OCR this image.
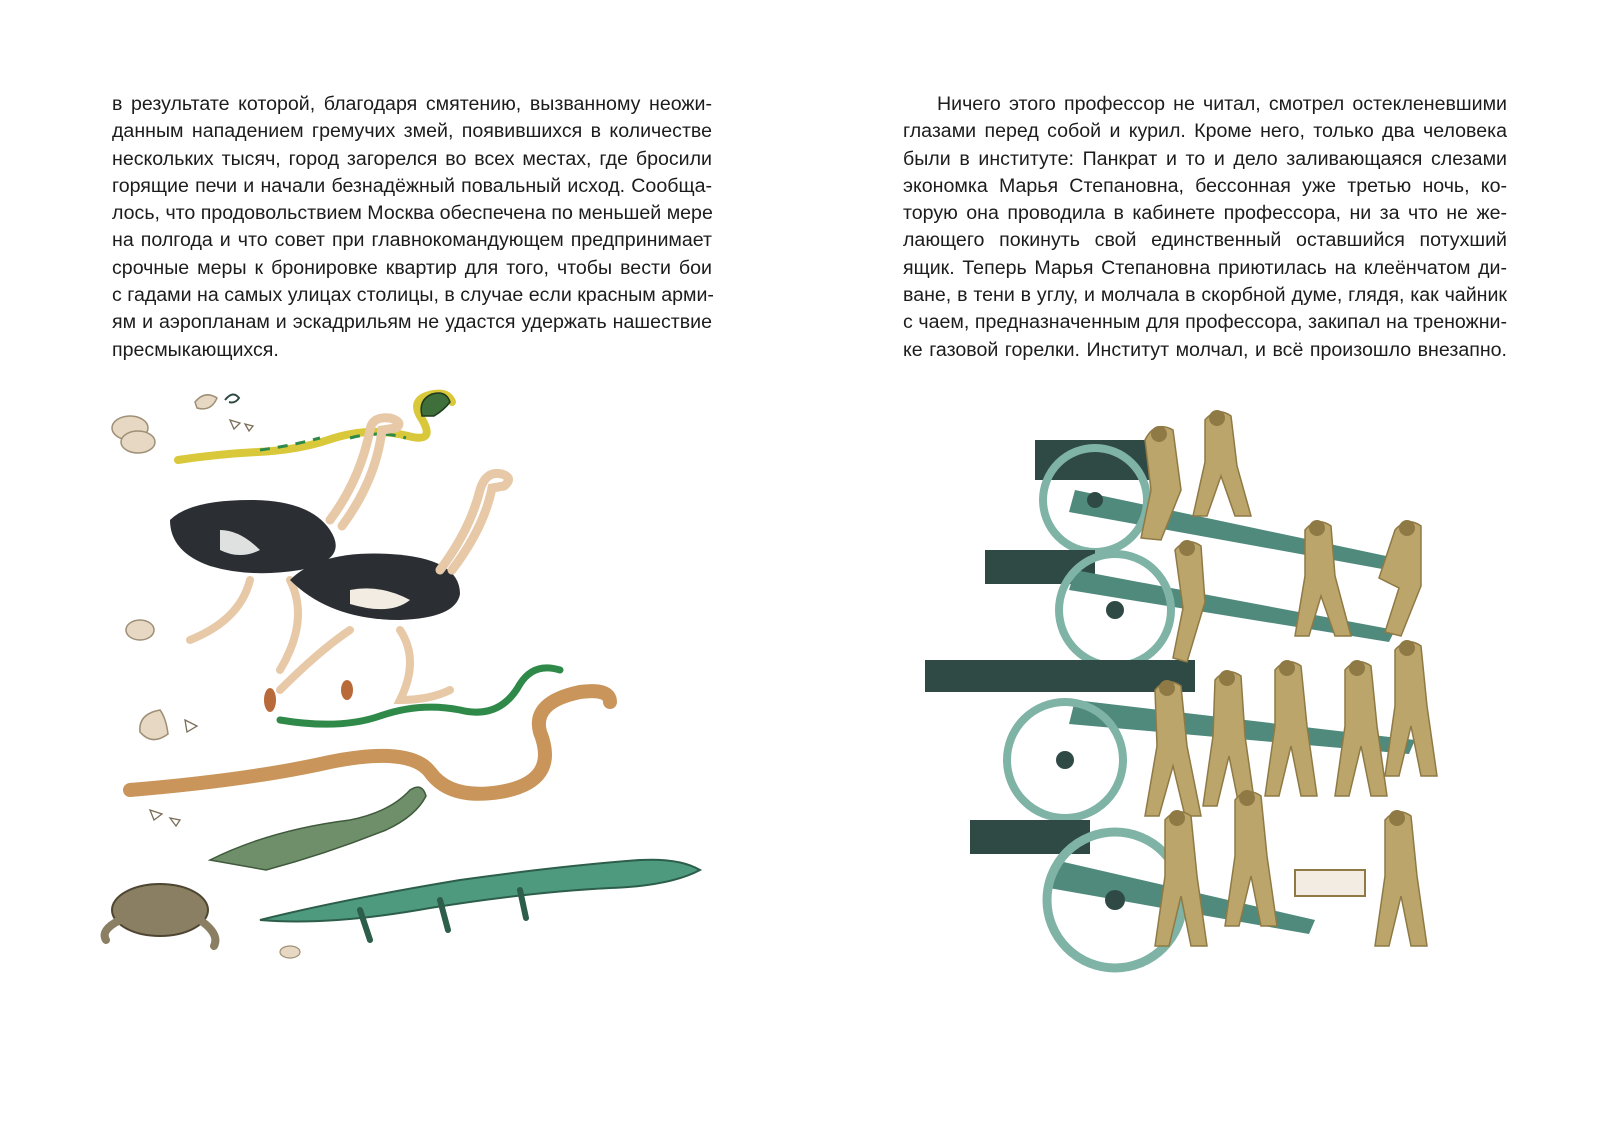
в результате которой, благодаря смятению, вызванному неожи-
данным нападением гремучих змей, появившихся в количестве
нескольких тысяч, город загорелся во всех местах, где бросили
горящие печи и начали безнадёжный повальный исход. Сообща-
лось, что продовольствием Москва обеспечена по меньшей мере
на полгода и что совет при главнокомандующем предпринимает
срочные меры к бронировке квартир для того, чтобы вести бои
с гадами на самых улицах столицы, в случае если красным арми-
ям и аэропланам и эскадрильям не удастся удержать нашествие
пресмыкающихся.
Ничего этого профессор не читал, смотрел остекленевшими
глазами перед собой и курил. Кроме него, только два человека
были в институте: Панкрат и то и дело заливающаяся слезами
экономка Марья Степановна, бессонная уже третью ночь, ко-
торую она проводила в кабинете профессора, ни за что не же-
лающего покинуть свой единственный оставшийся потухший
ящик. Теперь Марья Степановна приютилась на клеёнчатом ди-
ване, в тени в углу, и молчала в скорбной думе, глядя, как чайник
с чаем, предназначенным для профессора, закипал на треножни-
ке газовой горелки. Институт молчал, и всё произошло внезапно.
